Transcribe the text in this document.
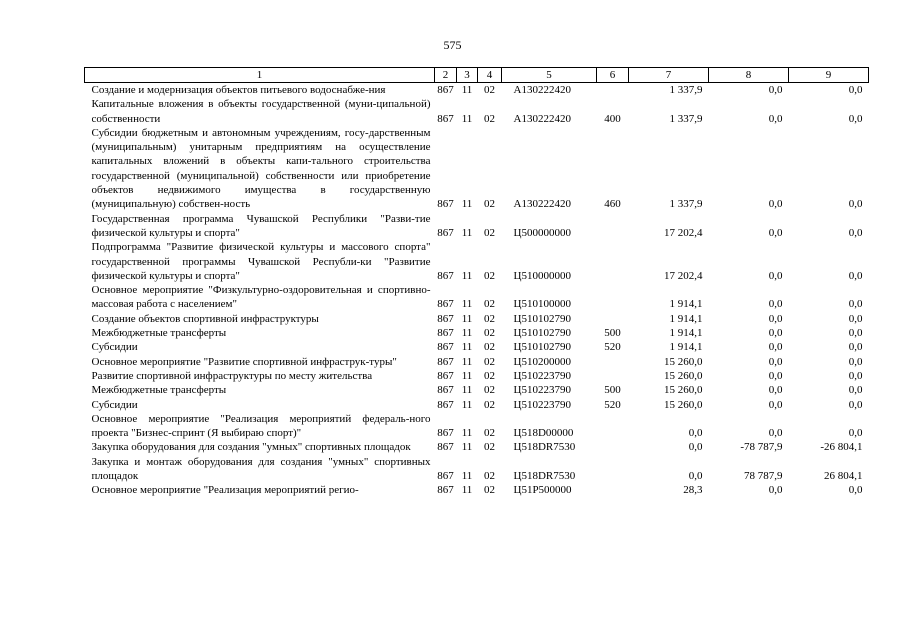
575
1	2	3	4	5	6	7	8	9
Создание и модернизация объектов питьевого водоснабже-ния	867	11	02	А130222420		1 337,9	0,0	0,0
Капитальные вложения в объекты государственной (муни-ципальной) собственности	867	11	02	А130222420	400	1 337,9	0,0	0,0
Субсидии бюджетным и автономным учреждениям, госу-дарственным (муниципальным) унитарным предприятиям на осуществление капитальных вложений в объекты капи-тального строительства государственной (муниципальной) собственности или приобретение объектов недвижимого имущества в государственную (муниципальную) собствен-ность	867	11	02	А130222420	460	1 337,9	0,0	0,0
Государственная программа Чувашской Республики "Разви-тие физической культуры и спорта"	867	11	02	Ц500000000		17 202,4	0,0	0,0
Подпрограмма "Развитие физической культуры и массового спорта" государственной программы Чувашской Республи-ки "Развитие физической культуры и спорта"	867	11	02	Ц510000000		17 202,4	0,0	0,0
Основное мероприятие "Физкультурно-оздоровительная и спортивно-массовая работа с населением"	867	11	02	Ц510100000		1 914,1	0,0	0,0
Создание объектов спортивной инфраструктуры	867	11	02	Ц510102790		1 914,1	0,0	0,0
Межбюджетные трансферты	867	11	02	Ц510102790	500	1 914,1	0,0	0,0
Субсидии	867	11	02	Ц510102790	520	1 914,1	0,0	0,0
Основное мероприятие "Развитие спортивной инфраструк-туры"	867	11	02	Ц510200000		15 260,0	0,0	0,0
Развитие спортивной инфраструктуры по месту жительства	867	11	02	Ц510223790		15 260,0	0,0	0,0
Межбюджетные трансферты	867	11	02	Ц510223790	500	15 260,0	0,0	0,0
Субсидии	867	11	02	Ц510223790	520	15 260,0	0,0	0,0
Основное мероприятие "Реализация мероприятий федераль-ного проекта "Бизнес-спринт (Я выбираю спорт)"	867	11	02	Ц518D00000		0,0	0,0	0,0
Закупка оборудования для создания "умных" спортивных площадок	867	11	02	Ц518DR7530		0,0	-78 787,9	-26 804,1
Закупка и монтаж оборудования для создания "умных" спортивных площадок	867	11	02	Ц518DR7530		0,0	78 787,9	26 804,1
Основное мероприятие "Реализация мероприятий регио-	867	11	02	Ц51P500000		28,3	0,0	0,0
